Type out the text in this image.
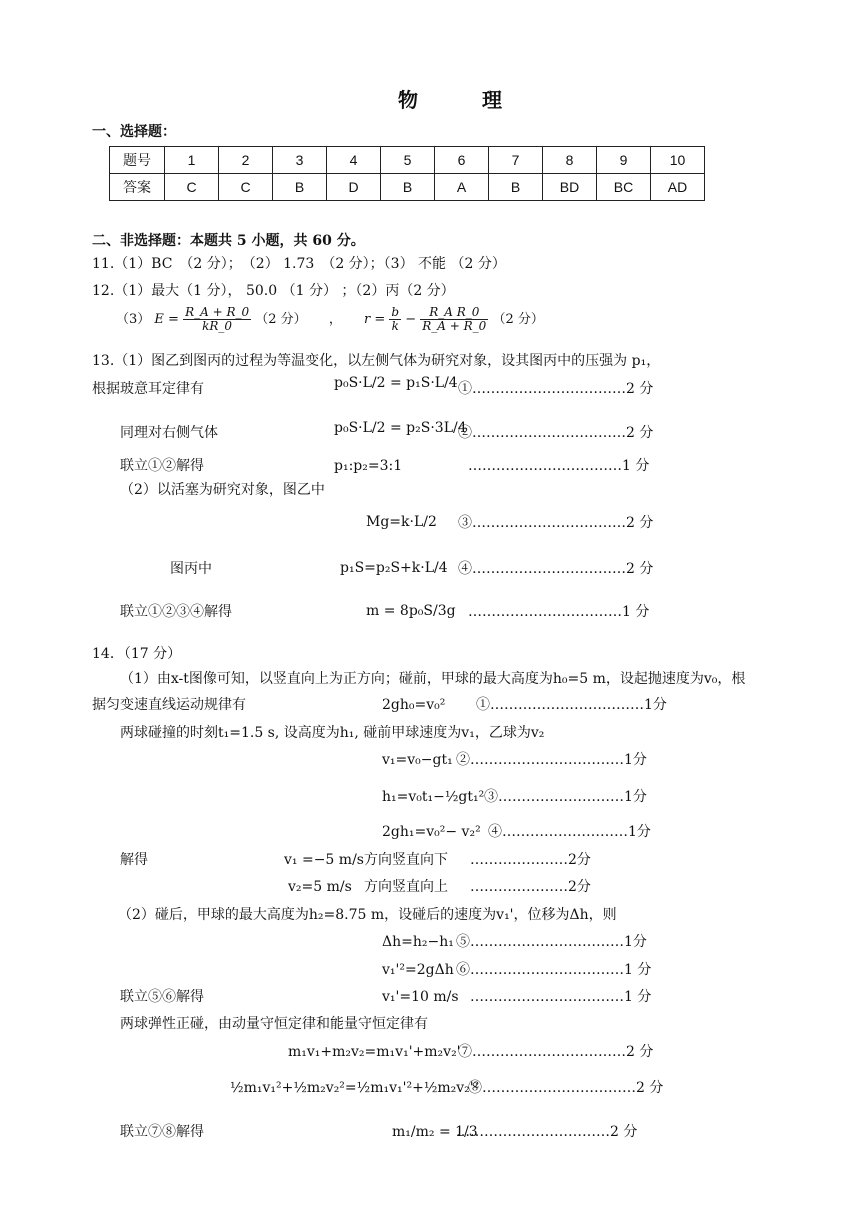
物　理
一、选择题：
题号	1	2	3	4	5	6	7	8	9	10
答案	C	C	B	D	B	A	B	BD	BC	AD
二、非选择题：本题共 5 小题，共 60 分。
11.（1）BC　（2 分）；　（2） 1.73　（2 分）；（3） 不能 （2 分）
12.（1）最大（1 分）， 50.0 （1 分） ；（2）丙（2 分）
（3） $E = \frac{R\_A + R\_0}{kR\_0} (2$ 分） ， $r = \frac{b}{k} - \frac{\text{R\_A R\_0}}{R\_A + R\_0} (2$ 分）
13.（1）图乙到图丙的过程为等温变化，以左侧气体为研究对象，设其图丙中的压强为 p₁，
根据玻意耳定律有	p₀S·L/2 = p₁S·L/4 ①……………………………2 分
同理对右侧气体	p₀S·L/2 = p₂S·3L/4
②……………………………2 分
联立①②解得	p₁:p₂=3:1	……………………………1 分
（2）以活塞为研究对象，图乙中
Mg=k·L/2 ③……………………………2 分
图丙中	p₁S=p₂S+k·L/4 ④……………………………2 分
联立①②③④解得	m = 8p₀S/3g ……………………………1 分
14．（17 分）
（1）由x-t图像可知，以竖直向上为正方向；碰前，甲球的最大高度为h₀=5 m，设起抛速度为v₀，根
据匀变速直线运动规律有	2gh₀=v₀² ①……………………………1分
两球碰撞的时刻t₁=1.5 s, 设高度为h₁, 碰前甲球速度为v₁，乙球为v₂
v₁=v₀−gt₁ ②……………………………1分
h₁=v₀t₁−½gt₁² ③………………………1分
2gh₁=v₀²− v₂² ④………………………1分
解得	v₁ =−5 m/s 方向竖直向下 …………………2分
v₂=5 m/s 方向竖直向上 …………………2分
（2）碰后，甲球的最大高度为h₂=8.75 m，设碰后的速度为v₁'，位移为Δh，则
Δh=h₂−h₁ ⑤……………………………1分
v₁'²=2gΔh ⑥……………………………1 分
联立⑤⑥解得	v₁'=10 m/s ……………………………1 分
两球弹性正碰，由动量守恒定律和能量守恒定律有
m₁v₁+m₂v₂=m₁v₁'+m₂v₂'
⑦……………………………2 分
½m₁v₁²+½m₂v₂²=½m₁v₁'²+½m₂v₂'²
⑧……………………………2 分
联立⑦⑧解得	m₁/m₂ = 1/3
……………………………2 分
